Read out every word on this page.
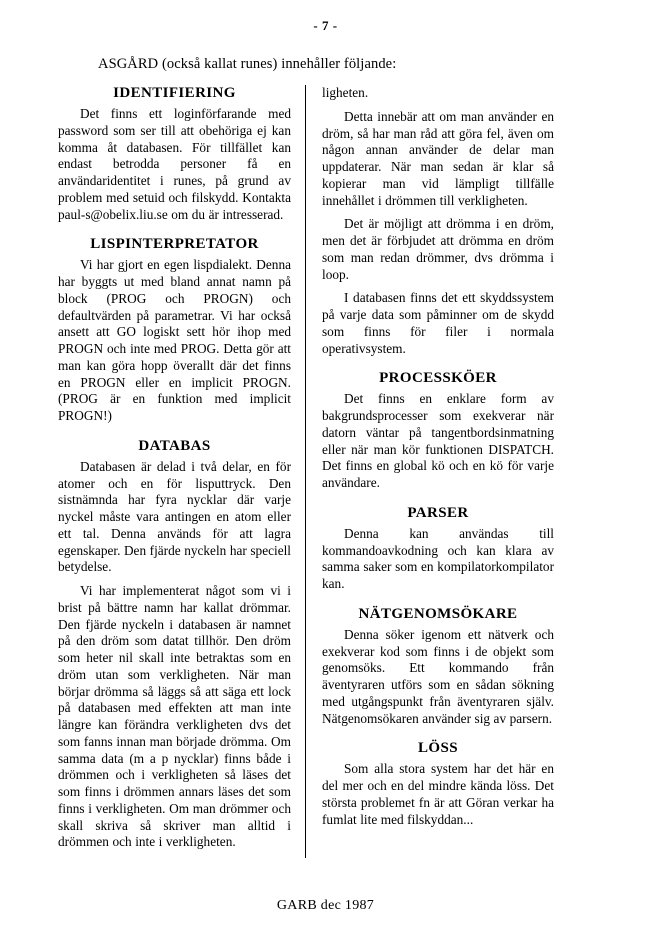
- 7 -
ASGÅRD (också kallat runes) innehåller följande:
IDENTIFIERING

Det finns ett loginförfarande med password som ser till att obehöriga ej kan komma åt databasen. För tillfället kan endast betrodda personer få en användaridentitet i runes, på grund av problem med setuid och filskydd. Kontakta paul-s@obelix.liu.se om du är intresserad.

LISPINTERPRETATOR

Vi har gjort en egen lispdialekt. Denna har byggts ut med bland annat namn på block (PROG och PROGN) och defaultvärden på parametrar. Vi har också ansett att GO logiskt sett hör ihop med PROGN och inte med PROG. Detta gör att man kan göra hopp överallt där det finns en PROGN eller en implicit PROGN. (PROG är en funktion med implicit PROGN!)

DATABAS

Databasen är delad i två delar, en för atomer och en för lisputtryck. Den sistnämnda har fyra nycklar där varje nyckel måste vara antingen en atom eller ett tal. Denna används för att lagra egenskaper. Den fjärde nyckeln har speciell betydelse.

Vi har implementerat något som vi i brist på bättre namn har kallat drömmar. Den fjärde nyckeln i databasen är namnet på den dröm som datat tillhör. Den dröm som heter nil skall inte betraktas som en dröm utan som verkligheten. När man börjar drömma så läggs så att säga ett lock på databasen med effekten att man inte längre kan förändra verkligheten dvs det som fanns innan man började drömma. Om samma data (m a p nycklar) finns både i drömmen och i verkligheten så läses det som finns i drömmen annars läses det som finns i verkligheten. Om man drömmer och skall skriva så skriver man alltid i drömmen och inte i verkligheten.

ligheten.

Detta innebär att om man använder en dröm, så har man råd att göra fel, även om någon annan använder de delar man uppdaterar. När man sedan är klar så kopierar man vid lämpligt tillfälle innehållet i drömmen till verkligheten.

Det är möjligt att drömma i en dröm, men det är förbjudet att drömma en dröm som man redan drömmer, dvs drömma i loop.

I databasen finns det ett skyddssystem på varje data som påminner om de skydd som finns för filer i normala operativsystem.

PROCESSKÖER

Det finns en enklare form av bakgrundsprocesser som exekverar när datorn väntar på tangentbordsinmatning eller när man kör funktionen DISPATCH. Det finns en global kö och en kö för varje användare.

PARSER

Denna kan användas till kommandoavkodning och kan klara av samma saker som en kompilatorkompilator kan.

NÄTGENOMSÖKARE

Denna söker igenom ett nätverk och exekverar kod som finns i de objekt som genomsöks. Ett kommando från äventyraren utförs som en sådan sökning med utgångspunkt från äventyraren själv. Nätgenomsökaren använder sig av parsern.

LÖSS

Som alla stora system har det här en del mer och en del mindre kända löss. Det största problemet fn är att Göran verkar ha fumlat lite med filskyddan...

GARB dec 1987
